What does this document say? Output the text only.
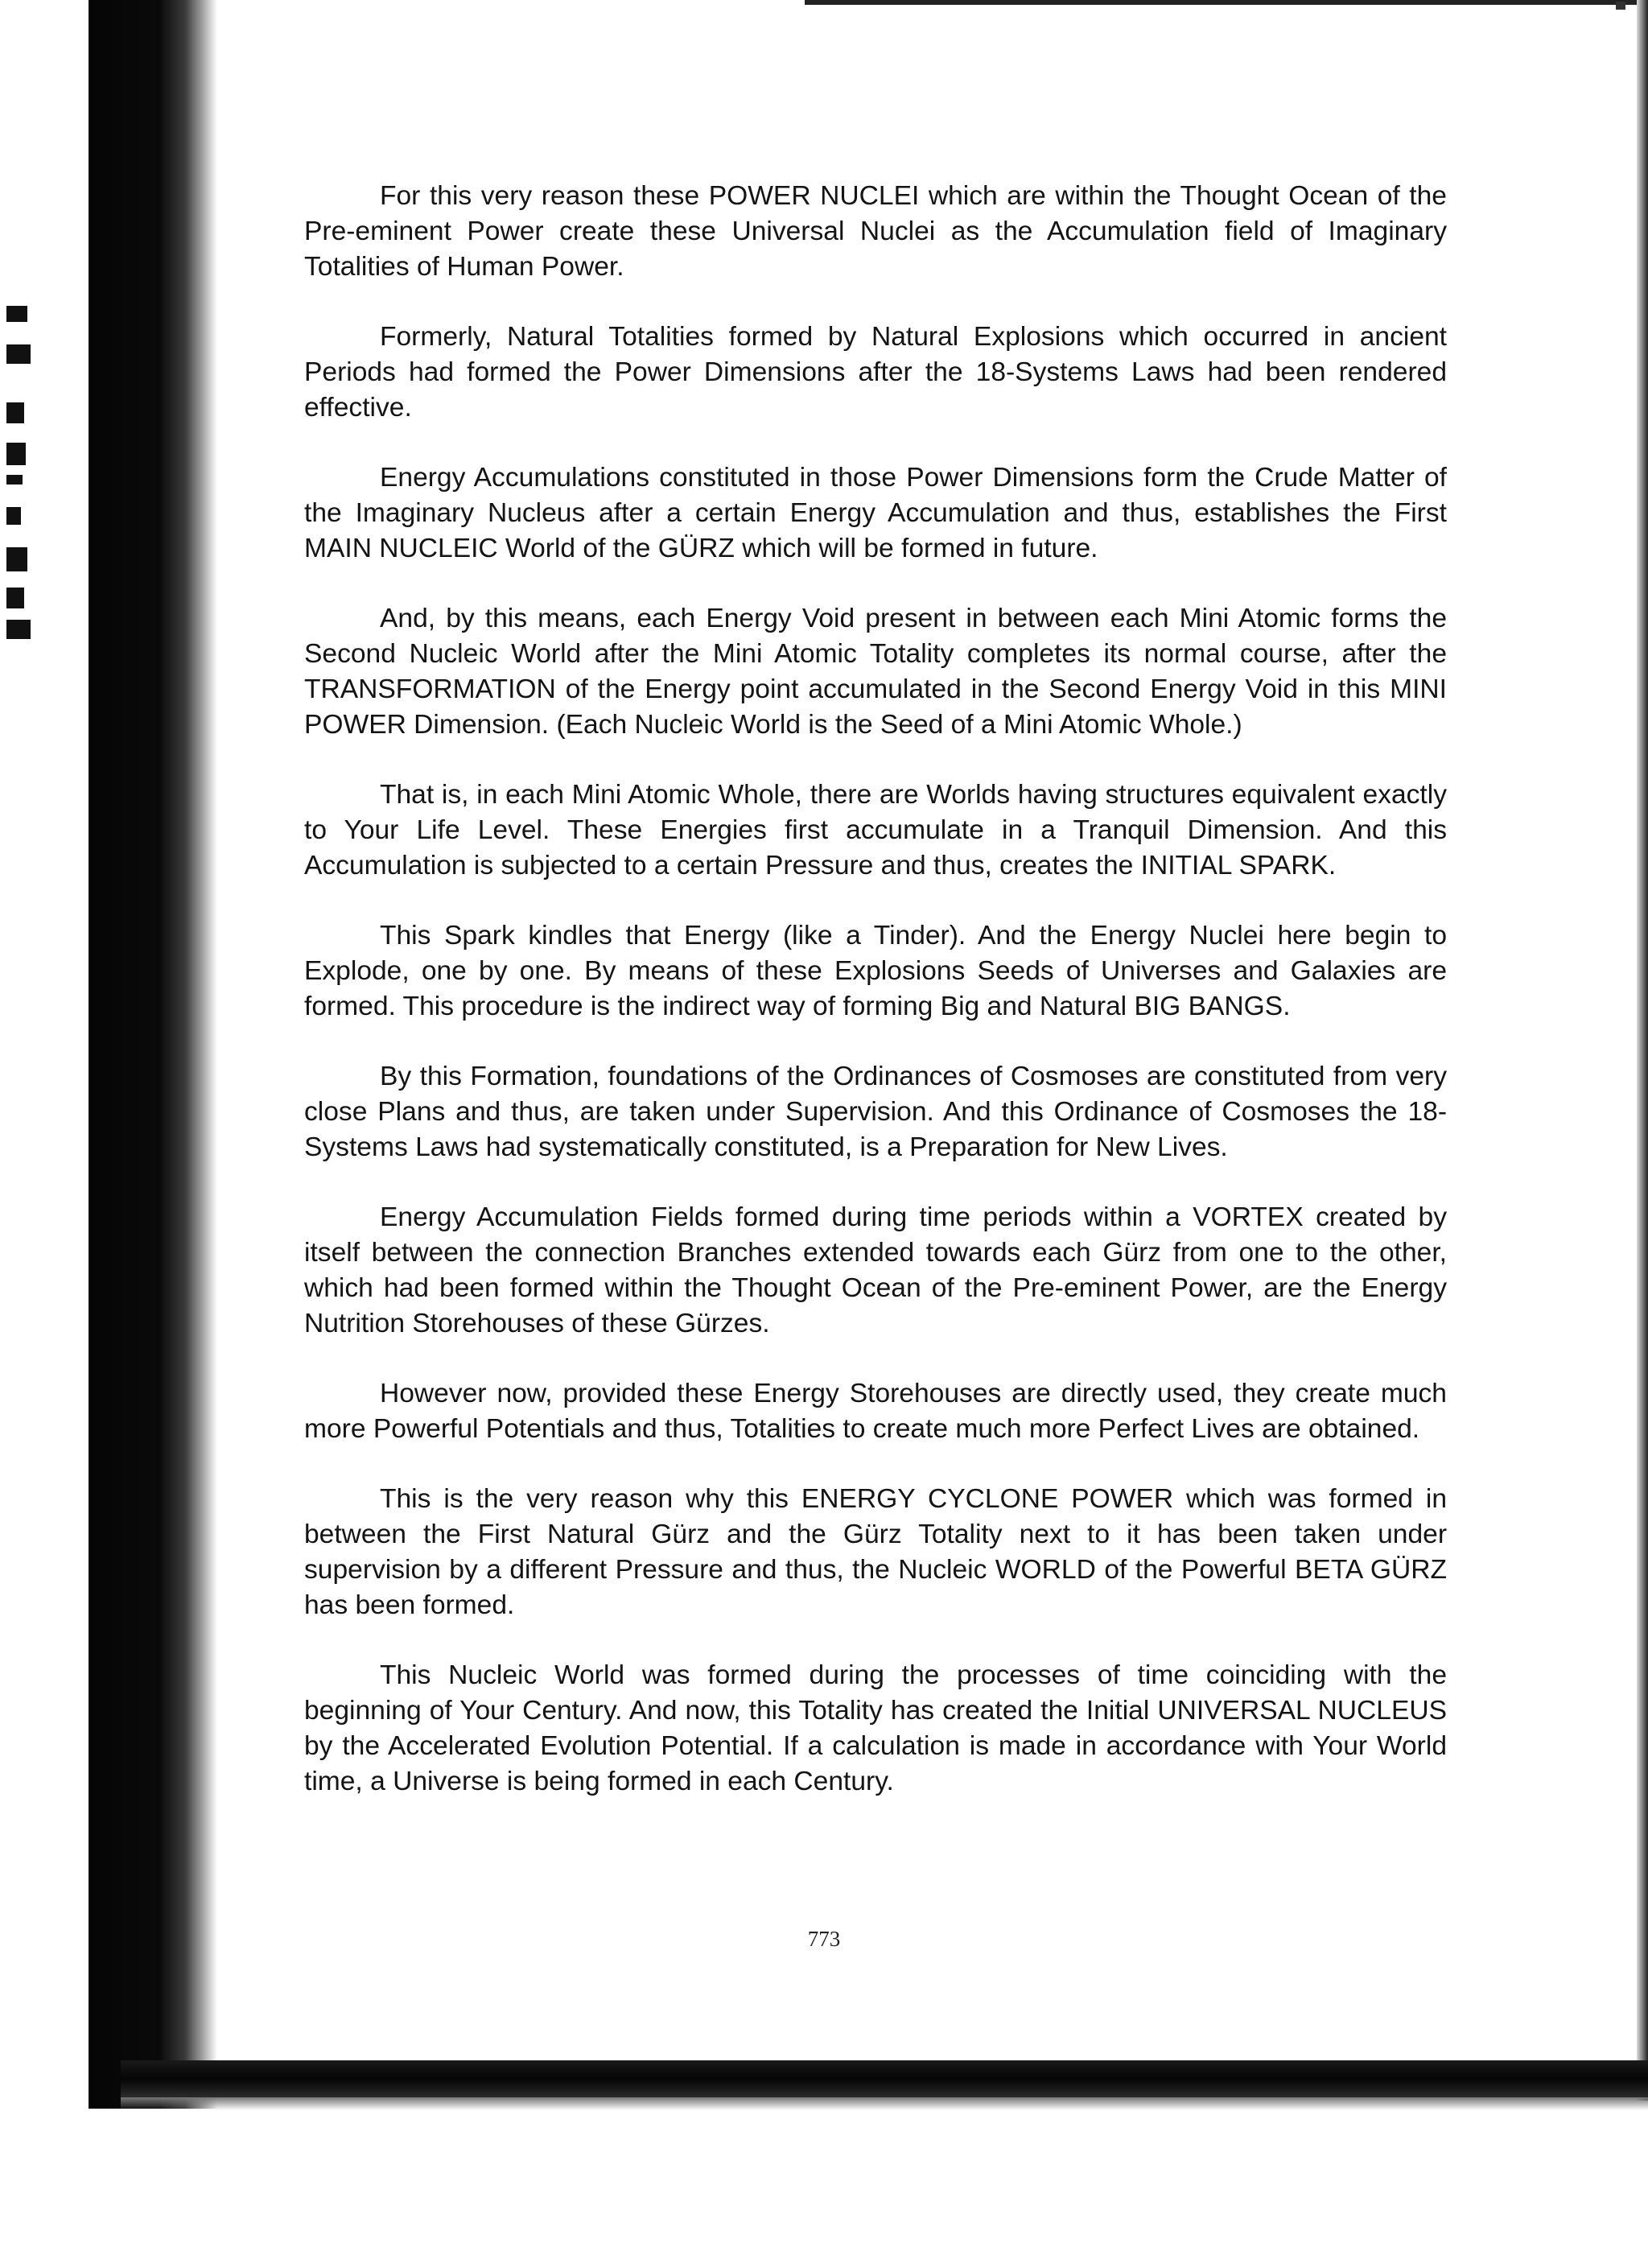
For this very reason these POWER NUCLEI which are within the Thought Ocean of the Pre-eminent Power create these Universal Nuclei as the Accumulation field of Imaginary Totalities of Human Power.

Formerly, Natural Totalities formed by Natural Explosions which occurred in ancient Periods had formed the Power Dimensions after the 18-Systems Laws had been rendered effective.

Energy Accumulations constituted in those Power Dimensions form the Crude Matter of the Imaginary Nucleus after a certain Energy Accumulation and thus, establishes the First MAIN NUCLEIC World of the GÜRZ which will be formed in future.

And, by this means, each Energy Void present in between each Mini Atomic forms the Second Nucleic World after the Mini Atomic Totality completes its normal course, after the TRANSFORMATION of the Energy point accumulated in the Second Energy Void in this MINI POWER Dimension. (Each Nucleic World is the Seed of a Mini Atomic Whole.)

That is, in each Mini Atomic Whole, there are Worlds having structures equivalent exactly to Your Life Level. These Energies first accumulate in a Tranquil Dimension. And this Accumulation is subjected to a certain Pressure and thus, creates the INITIAL SPARK.

This Spark kindles that Energy (like a Tinder). And the Energy Nuclei here begin to Explode, one by one. By means of these Explosions Seeds of Universes and Galaxies are formed. This procedure is the indirect way of forming Big and Natural BIG BANGS.

By this Formation, foundations of the Ordinances of Cosmoses are constituted from very close Plans and thus, are taken under Supervision. And this Ordinance of Cosmoses the 18-Systems Laws had systematically constituted, is a Preparation for New Lives.

Energy Accumulation Fields formed during time periods within a VORTEX created by itself between the connection Branches extended towards each Gürz from one to the other, which had been formed within the Thought Ocean of the Pre-eminent Power, are the Energy Nutrition Storehouses of these Gürzes.

However now, provided these Energy Storehouses are directly used, they create much more Powerful Potentials and thus, Totalities to create much more Perfect Lives are obtained.

This is the very reason why this ENERGY CYCLONE POWER which was formed in between the First Natural Gürz and the Gürz Totality next to it has been taken under supervision by a different Pressure and thus, the Nucleic WORLD of the Powerful BETA GÜRZ has been formed.

This Nucleic World was formed during the processes of time coinciding with the beginning of Your Century. And now, this Totality has created the Initial UNIVERSAL NUCLEUS by the Accelerated Evolution Potential. If a calculation is made in accordance with Your World time, a Universe is being formed in each Century.

773
